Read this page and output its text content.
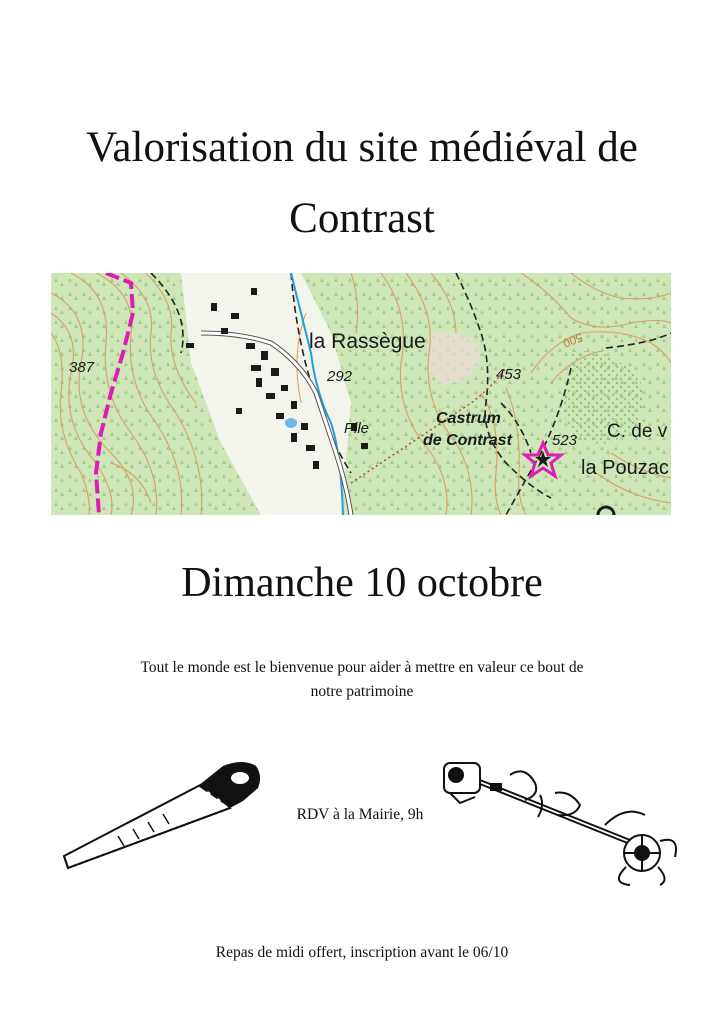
Valorisation du site médiéval de
Contrast
la Rassègue
387
292	453
523
Plle
Castrum
de Contrast	C. de v
la Pouzac
500
Dimanche 10 octobre
Tout le monde est le bienvenue pour aider à mettre en valeur ce bout de
notre patrimoine
RDV à la Mairie, 9h
Repas de midi offert, inscription avant le 06/10
